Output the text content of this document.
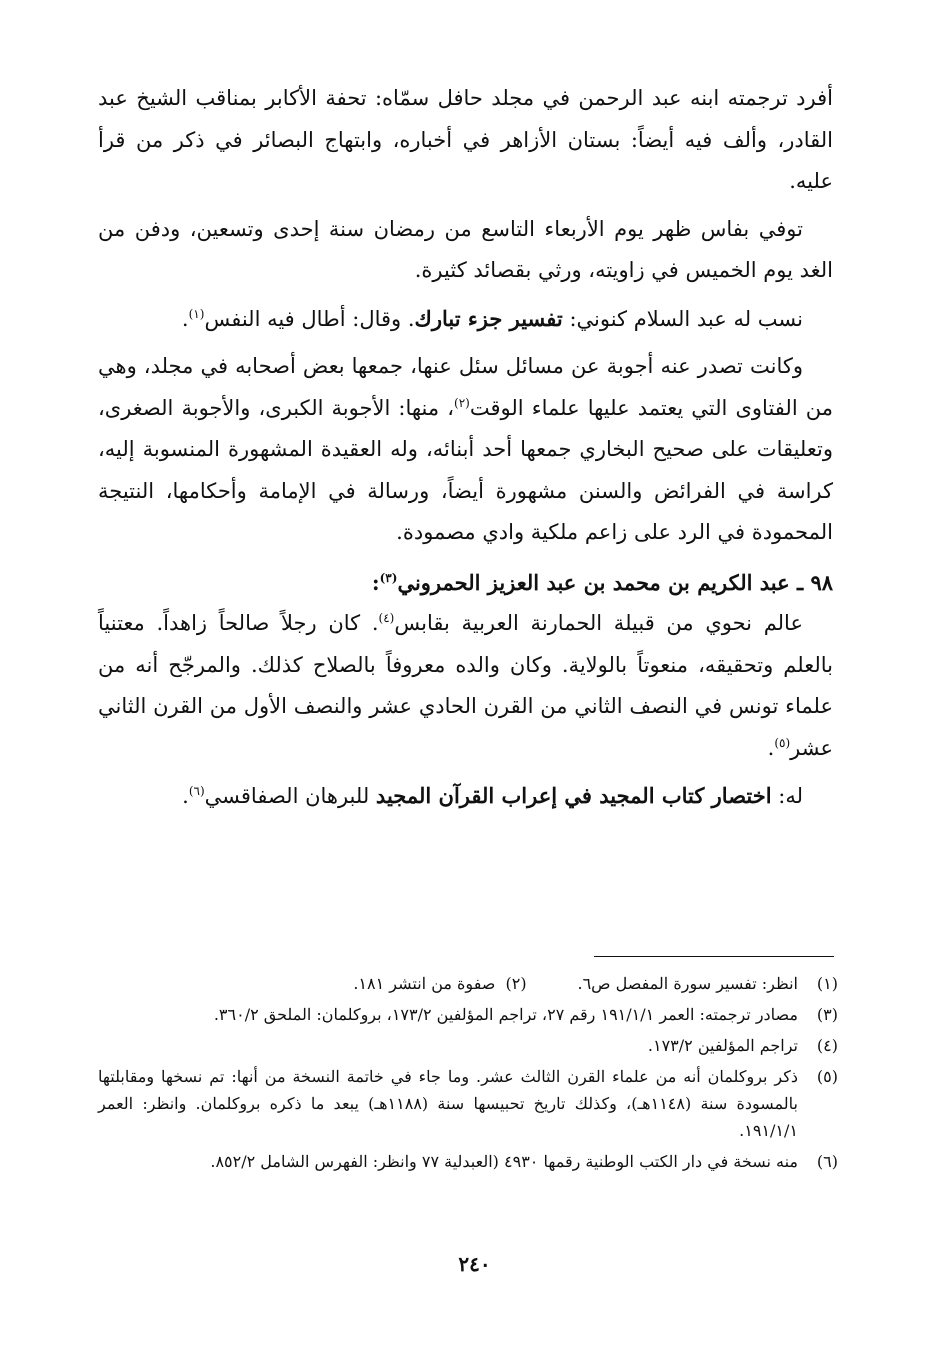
أفرد ترجمته ابنه عبد الرحمن في مجلد حافل سمّاه: تحفة الأكابر بمناقب الشيخ عبد القادر، وألف فيه أيضاً: بستان الأزاهر في أخباره، وابتهاج البصائر في ذكر من قرأ عليه.

توفي بفاس ظهر يوم الأربعاء التاسع من رمضان سنة إحدى وتسعين، ودفن من الغد يوم الخميس في زاويته، ورثي بقصائد كثيرة.

نسب له عبد السلام كنوني: تفسير جزء تبارك. وقال: أطال فيه النفس$^{(١)}$.

وكانت تصدر عنه أجوبة عن مسائل سئل عنها، جمعها بعض أصحابه في مجلد، وهي من الفتاوى التي يعتمد عليها علماء الوقت$^{(٢)}$، منها: الأجوبة الكبرى، والأجوبة الصغرى، وتعليقات على صحيح البخاري جمعها أحد أبنائه، وله العقيدة المشهورة المنسوبة إليه، كراسة في الفرائض والسنن مشهورة أيضاً، ورسالة في الإمامة وأحكامها، النتيجة المحمودة في الرد على زاعم ملكية وادي مصمودة.

٩٨ ـ عبد الكريم بن محمد بن عبد العزيز الحمروني$^{(٣)}$:

عالم نحوي من قبيلة الحمارنة العربية بقابس$^{(٤)}$. كان رجلاً صالحاً زاهداً. معتنياً بالعلم وتحقيقه، منعوتاً بالولاية. وكان والده معروفاً بالصلاح كذلك. والمرجّح أنه من علماء تونس في النصف الثاني من القرن الحادي عشر والنصف الأول من القرن الثاني عشر$^{(٥)}$.

له: اختصار كتاب المجيد في إعراب القرآن المجيد للبرهان الصفاقسي$^{(٦)}$.

(١)
انظر: تفسير سورة المفصل ص٦.          (٢)  صفوة من انتشر ١٨١.
(٣)
مصادر ترجمته: العمر ١٩١/١/١ رقم ٢٧، تراجم المؤلفين ١٧٣/٢، بروكلمان: الملحق ٣٦٠/٢.
(٤)
تراجم المؤلفين ١٧٣/٢.
(٥)
ذكر بروكلمان أنه من علماء القرن الثالث عشر. وما جاء في خاتمة النسخة من أنها: تم نسخها ومقابلتها بالمسودة سنة (١١٤٨هـ)، وكذلك تاريخ تحبيسها سنة (١١٨٨هـ) يبعد ما ذكره بروكلمان. وانظر: العمر ١٩١/١/١.
(٦)
منه نسخة في دار الكتب الوطنية رقمها ٤٩٣٠ (العبدلية ٧٧ وانظر: الفهرس الشامل ٨٥٢/٢.
٢٤٠
